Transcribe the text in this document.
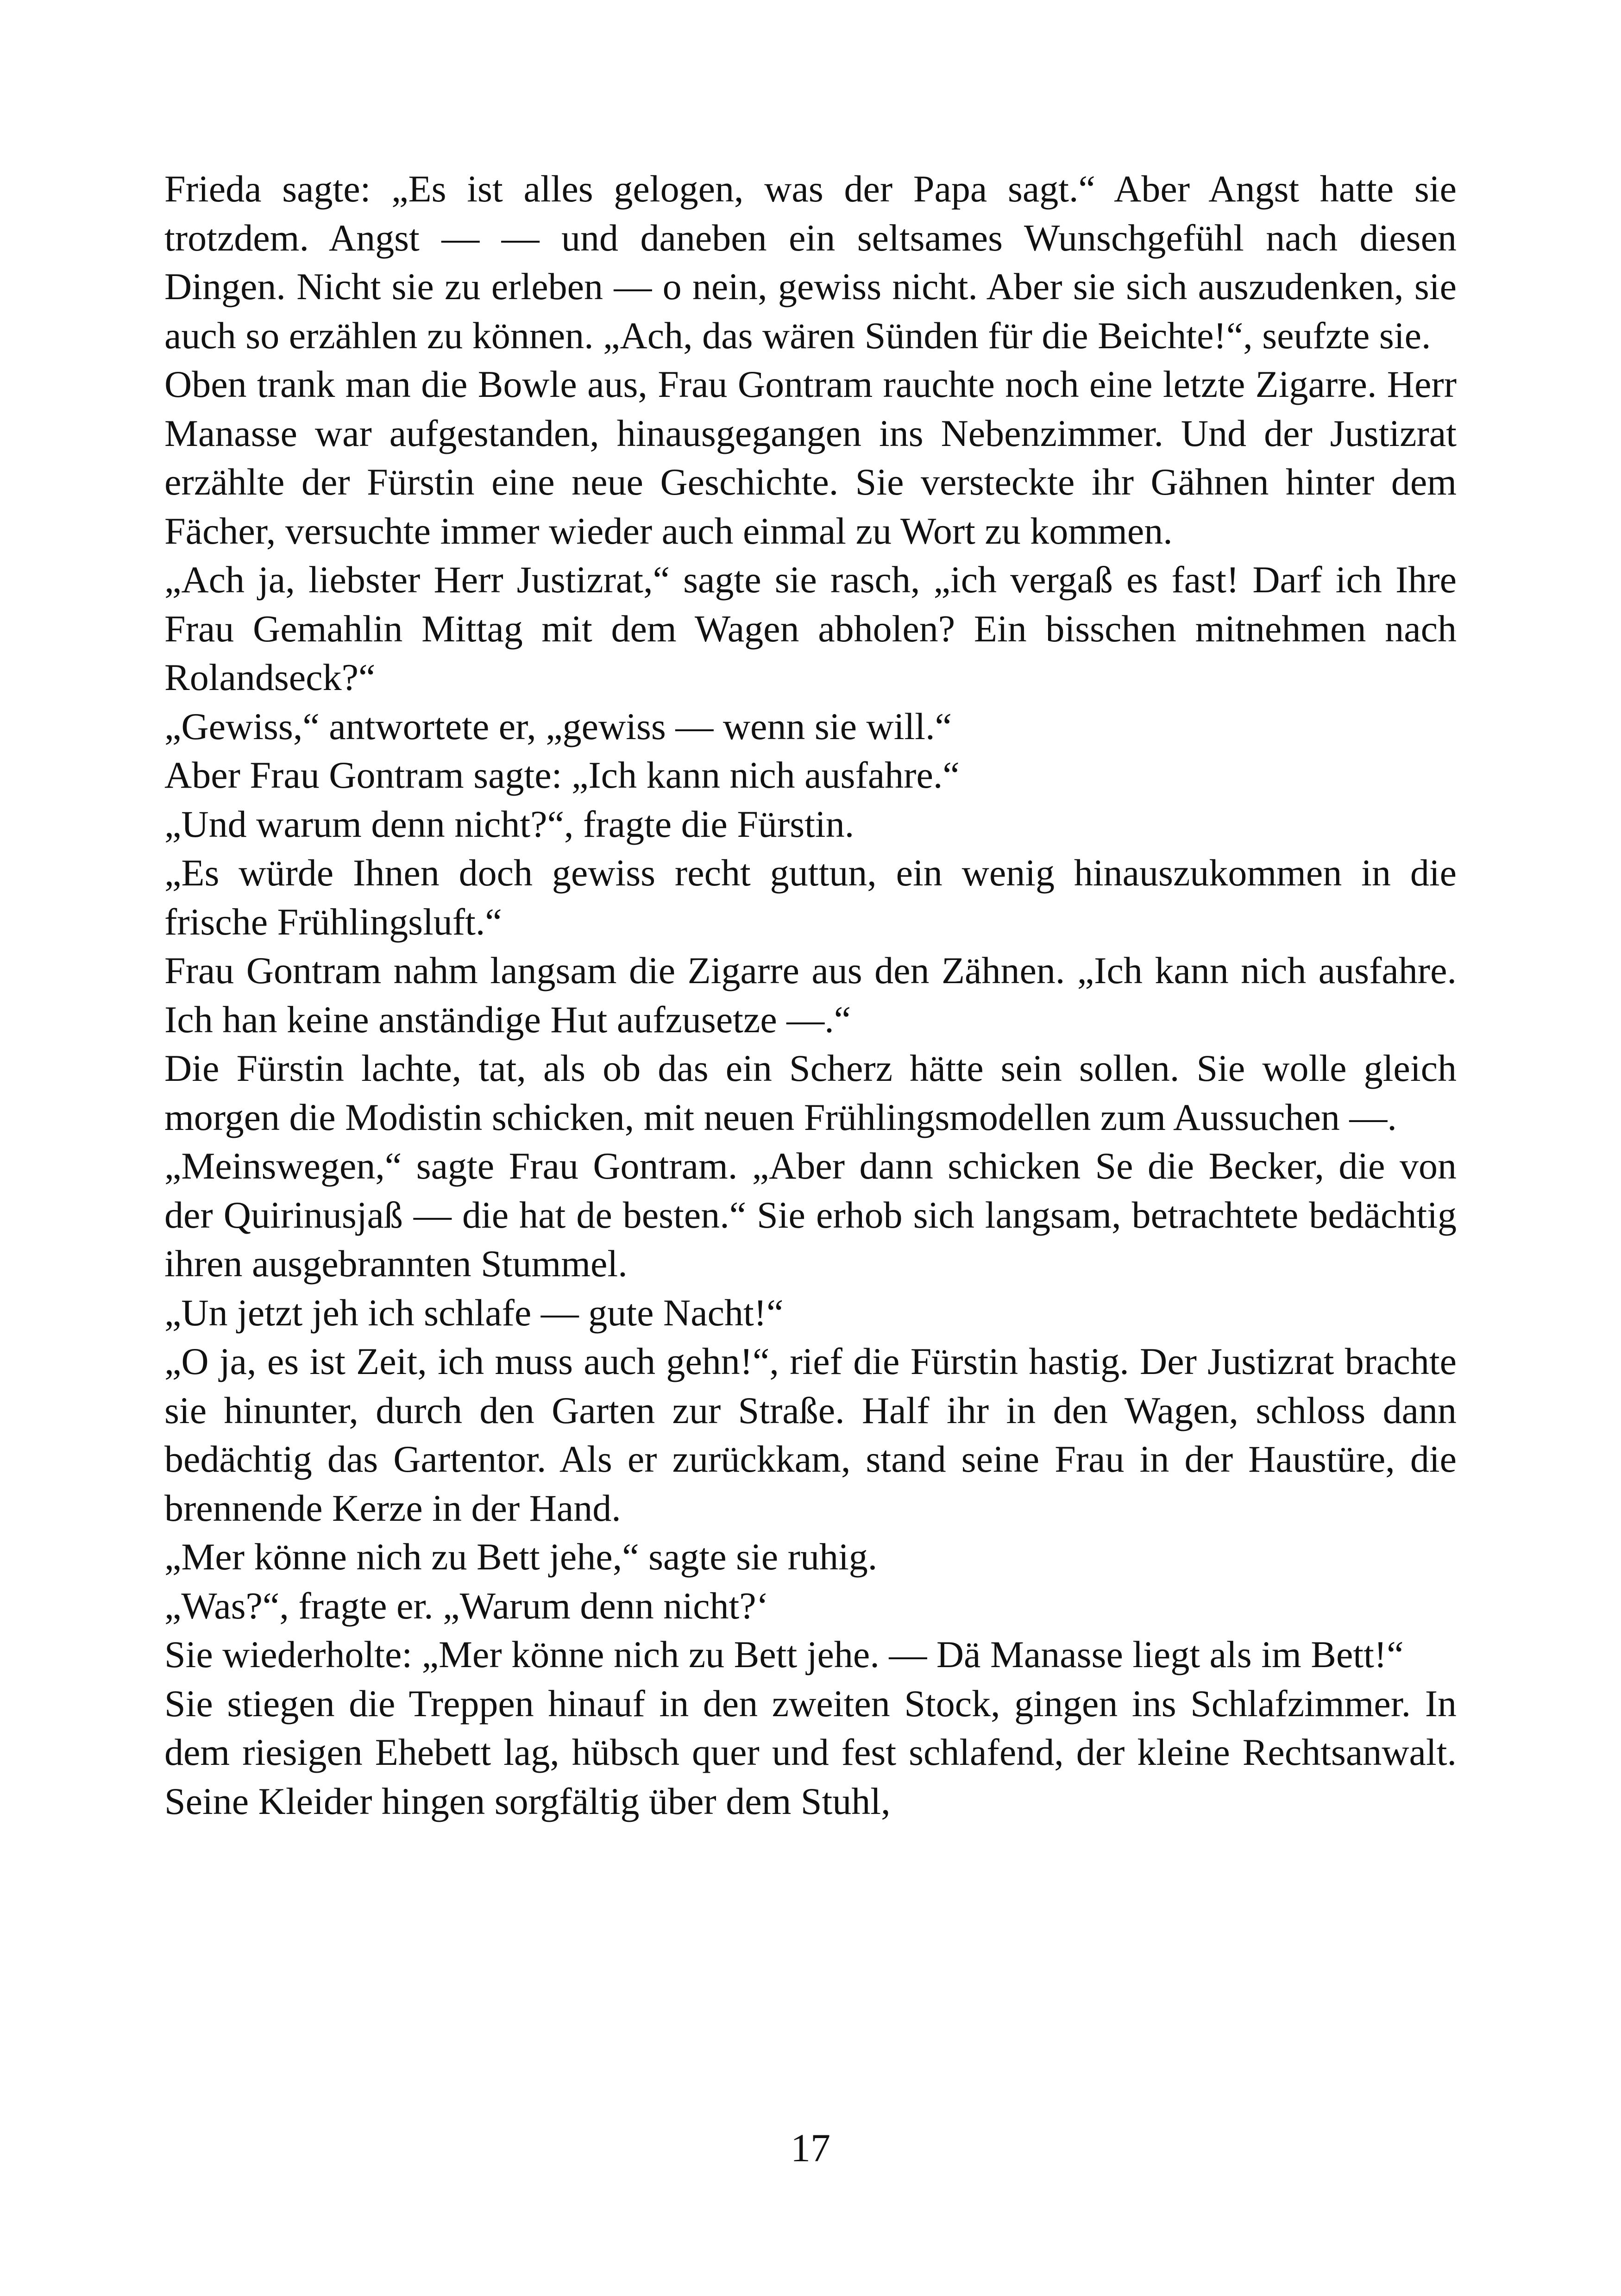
Frieda sagte: „Es ist alles gelogen, was der Papa sagt.“ Aber Angst hatte sie trotzdem. Angst — — und daneben ein seltsames Wunschgefühl nach diesen Dingen. Nicht sie zu erleben — o nein, gewiss nicht. Aber sie sich auszudenken, sie auch so erzählen zu können. „Ach, das wären Sünden für die Beichte!“, seufzte sie.

Oben trank man die Bowle aus, Frau Gontram rauchte noch eine letzte Zigarre. Herr Manasse war aufgestanden, hinausgegangen ins Nebenzimmer. Und der Justizrat erzählte der Fürstin eine neue Geschichte. Sie versteckte ihr Gähnen hinter dem Fächer, versuchte immer wieder auch einmal zu Wort zu kommen.

„Ach ja, liebster Herr Justizrat,“ sagte sie rasch, „ich vergaß es fast! Darf ich Ihre Frau Gemahlin Mittag mit dem Wagen abholen? Ein bisschen mitnehmen nach Rolandseck?“

„Gewiss,“ antwortete er, „gewiss — wenn sie will.“

Aber Frau Gontram sagte: „Ich kann nich ausfahre.“

„Und warum denn nicht?“, fragte die Fürstin.

„Es würde Ihnen doch gewiss recht guttun, ein wenig hinauszukommen in die frische Frühlingsluft.“

Frau Gontram nahm langsam die Zigarre aus den Zähnen. „Ich kann nich ausfahre. Ich han keine anständige Hut aufzusetze —.“

Die Fürstin lachte, tat, als ob das ein Scherz hätte sein sollen. Sie wolle gleich morgen die Modistin schicken, mit neuen Frühlingsmodellen zum Aussuchen —.

„Meinswegen,“ sagte Frau Gontram. „Aber dann schicken Se die Becker, die von der Quirinusjaß — die hat de besten.“ Sie erhob sich langsam, betrachtete bedächtig ihren ausgebrannten Stummel.

„Un jetzt jeh ich schlafe — gute Nacht!“

„O ja, es ist Zeit, ich muss auch gehn!“, rief die Fürstin hastig. Der Justizrat brachte sie hinunter, durch den Garten zur Straße. Half ihr in den Wagen, schloss dann bedächtig das Gartentor. Als er zurückkam, stand seine Frau in der Haustüre, die brennende Kerze in der Hand.

„Mer könne nich zu Bett jehe,“ sagte sie ruhig.

„Was?“, fragte er. „Warum denn nicht?‘

Sie wiederholte: „Mer könne nich zu Bett jehe. — Dä Manasse liegt als im Bett!“

Sie stiegen die Treppen hinauf in den zweiten Stock, gingen ins Schlafzimmer. In dem riesigen Ehebett lag, hübsch quer und fest schlafend, der kleine Rechtsanwalt. Seine Kleider hingen sorgfältig über dem Stuhl,

17
